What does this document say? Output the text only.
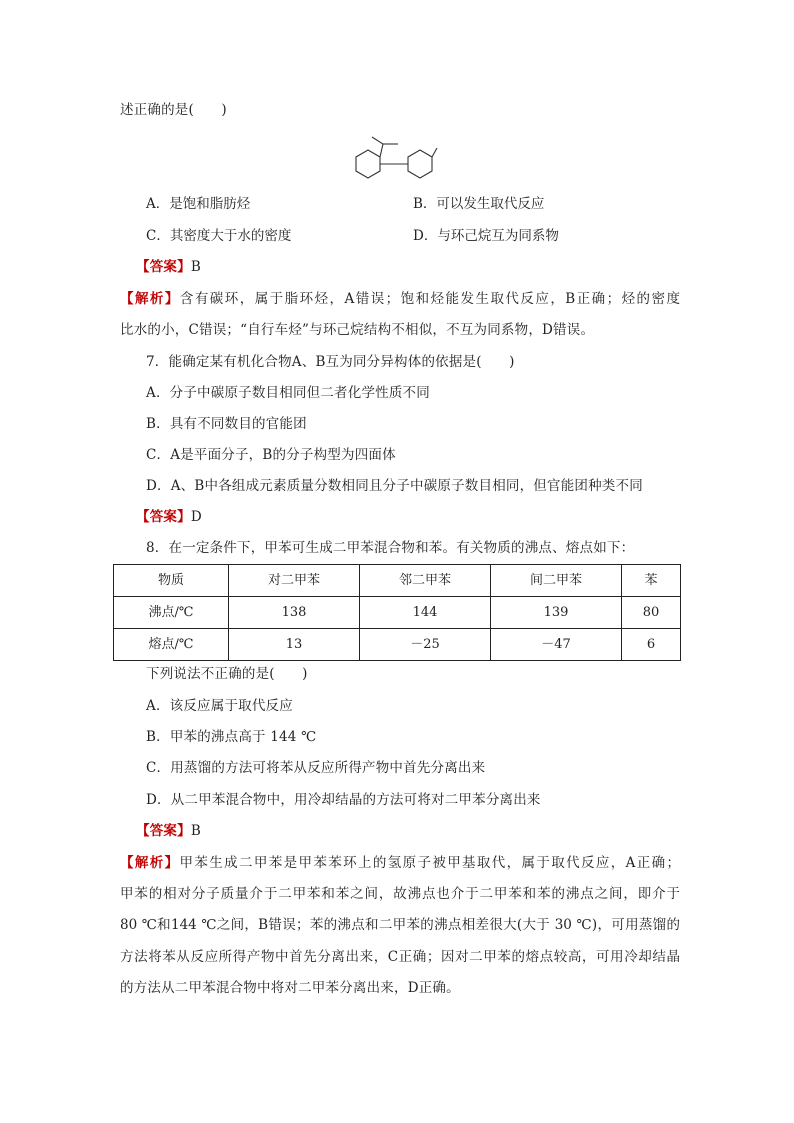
述正确的是(　　)
A．是饱和脂肪烃	B．可以发生取代反应
C．其密度大于水的密度	D．与环己烷互为同系物
【答案】B
【解析】含有碳环，属于脂环烃，A错误；饱和烃能发生取代反应，B正确；烃的密度
比水的小，C错误；“自行车烃”与环己烷结构不相似，不互为同系物，D错误。
7．能确定某有机化合物A、B互为同分异构体的依据是(　　)
A．分子中碳原子数目相同但二者化学性质不同
B．具有不同数目的官能团
C．A是平面分子，B的分子构型为四面体
D．A、B中各组成元素质量分数相同且分子中碳原子数目相同，但官能团种类不同
【答案】D
8．在一定条件下，甲苯可生成二甲苯混合物和苯。有关物质的沸点、熔点如下：
物质	对二甲苯	邻二甲苯	间二甲苯	苯
沸点/℃	138	144	139	80
熔点/℃	13	－25	－47	6
下列说法不正确的是(　　)
A．该反应属于取代反应
B．甲苯的沸点高于 144 ℃
C．用蒸馏的方法可将苯从反应所得产物中首先分离出来
D．从二甲苯混合物中，用冷却结晶的方法可将对二甲苯分离出来
【答案】B
【解析】甲苯生成二甲苯是甲苯苯环上的氢原子被甲基取代，属于取代反应，A正确；
甲苯的相对分子质量介于二甲苯和苯之间，故沸点也介于二甲苯和苯的沸点之间，即介于
80 ℃和144 ℃之间，B错误；苯的沸点和二甲苯的沸点相差很大(大于 30 ℃)，可用蒸馏的
方法将苯从反应所得产物中首先分离出来，C正确；因对二甲苯的熔点较高，可用冷却结晶
的方法从二甲苯混合物中将对二甲苯分离出来，D正确。
